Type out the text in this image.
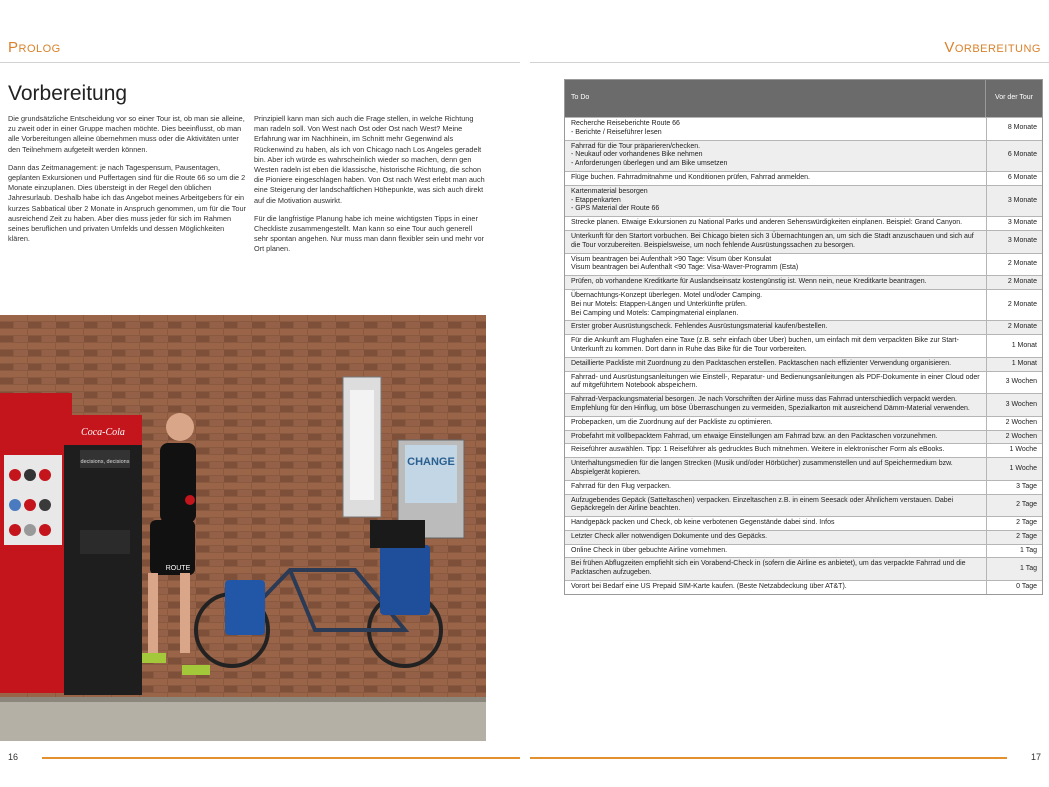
Prolog	Vorbereitung
Vorbereitung

Die grundsätzliche Entscheidung vor so einer Tour ist, ob man sie alleine, zu zweit oder in einer Gruppe machen möchte. Dies beeinflusst, ob man alle Vorbereitungen alleine übernehmen muss oder die Aktivitäten unter den Teilnehmern aufgeteilt werden können.

Dann das Zeitmanagement: je nach Tagespensum, Pausentagen, geplanten Exkursionen und Puffertagen sind für die Route 66 so um die 2 Monate einzuplanen. Dies übersteigt in der Regel den üblichen Jahresurlaub. Deshalb habe ich das Angebot meines Arbeitgebers für ein kurzes Sabbatical über 2 Monate in Anspruch genommen, um für die Tour ausreichend Zeit zu haben. Aber dies muss jeder für sich im Rahmen seines beruflichen und privaten Umfelds und dessen Möglichkeiten klären.

Prinzipiell kann man sich auch die Frage stellen, in welche Richtung man radeln soll. Von West nach Ost oder Ost nach West? Meine Erfahrung war im Nachhinein, im Schnitt mehr Gegenwind als Rückenwind zu haben, als ich von Chicago nach Los Angeles geradelt bin. Aber ich würde es wahrscheinlich wieder so machen, denn gen Westen radeln ist eben die klassische, historische Richtung, die schon die Pioniere eingeschlagen haben. Von Ost nach West erlebt man auch eine Steigerung der landschaftlichen Höhepunkte, was sich auch direkt auf die Motivation auswirkt.

Für die langfristige Planung habe ich meine wichtigsten Tipps in einer Checkliste zusammengestellt. Man kann so eine Tour auch generell sehr spontan angehen. Nur muss man dann flexibler sein und mehr vor Ort planen.

Coca-Cola
decisions, decisions	CHANGE
ROUTE
To Do	Vor der Tour
Recherche Reiseberichte Route 66
- Berichte / Reiseführer lesen
8 Monate
Fahrrad für die Tour präparieren/checken.
- Neukauf oder vorhandenes Bike nehmen
- Anforderungen überlegen und am Bike umsetzen
6 Monate
Flüge buchen. Fahrradmitnahme und Konditionen prüfen, Fahrrad anmelden.	6 Monate
Kartenmaterial besorgen
- Etappenkarten
- GPS Material der Route 66
3 Monate
Strecke planen. Etwaige Exkursionen zu National Parks und anderen Sehenswürdigkeiten einplanen. Beispiel: Grand Canyon.	3 Monate
Unterkunft für den Startort vorbuchen. Bei Chicago bieten sich 3 Übernachtungen an, um sich die Stadt anzuschauen und sich auf die Tour vorzubereiten. Beispielsweise, um noch fehlende Ausrüstungssachen zu besorgen.
3 Monate
Visum beantragen bei Aufenthalt >90 Tage: Visum über Konsulat
Visum beantragen bei Aufenthalt <90 Tage: Visa-Waver-Programm (Esta)
2 Monate
Prüfen, ob vorhandene Kreditkarte für Auslandseinsatz kostengünstig ist. Wenn nein, neue Kreditkarte beantragen.	2 Monate
Übernachtungs-Konzept überlegen. Motel und/oder Camping.
Bei nur Motels: Etappen-Längen und Unterkünfte prüfen.
Bei Camping und Motels: Campingmaterial einplanen.
2 Monate
Erster grober Ausrüstungscheck. Fehlendes Ausrüstungsmaterial kaufen/bestellen.	2 Monate
Für die Ankunft am Flughafen eine Taxe (z.B. sehr einfach über Uber) buchen, um einfach mit dem verpackten Bike zur Start-Unterkunft zu kommen. Dort dann in Ruhe das Bike für die Tour vorbereiten.
1 Monat
Detaillierte Packliste mit Zuordnung zu den Packtaschen erstellen. Packtaschen nach effizienter Verwendung organisieren.	1 Monat
Fahrrad- und Ausrüstungsanleitungen wie Einstell-, Reparatur- und Bedienungsanleitungen als PDF-Dokumente in einer Cloud oder auf mitgeführtem Notebook abspeichern.
3 Wochen
Fahrrad-Verpackungsmaterial besorgen. Je nach Vorschriften der Airline muss das Fahrrad unterschiedlich verpackt werden. Empfehlung für den Hinflug, um böse Überraschungen zu vermeiden, Spezialkarton mit ausreichend Dämm-Material verwenden.
3 Wochen
Probepacken, um die Zuordnung auf der Packliste zu optimieren.	2 Wochen
Probefahrt mit vollbepacktem Fahrrad, um etwaige Einstellungen am Fahrrad bzw. an den Packtaschen vorzunehmen.	2 Wochen
Reiseführer auswählen. Tipp: 1 Reiseführer als gedrucktes Buch mitnehmen. Weitere in elektronischer Form als eBooks.	1 Woche
Unterhaltungsmedien für die langen Strecken (Musik und/oder Hörbücher) zusammenstellen und auf Speichermedium bzw. Abspielgerät kopieren.
1 Woche
Fahrrad für den Flug verpacken.	3 Tage
Aufzugebendes Gepäck (Satteltaschen) verpacken. Einzeltaschen z.B. in einem Seesack oder Ähnlichem verstauen. Dabei Gepäckregeln der Airline beachten.
2 Tage
Handgepäck packen und Check, ob keine verbotenen Gegenstände dabei sind. Infos	2 Tage
Letzter Check aller notwendigen Dokumente und des Gepäcks.	2 Tage
Online Check in über gebuchte Airline vornehmen.	1 Tag
Bei frühen Abflugzeiten empfiehlt sich ein Vorabend-Check in (sofern die Airline es anbietet), um das verpackte Fahrrad und die Packtaschen aufzugeben.
1 Tag
Vorort bei Bedarf eine US Prepaid SIM-Karte kaufen. (Beste Netzabdeckung über AT&T).	0 Tage
16	17
